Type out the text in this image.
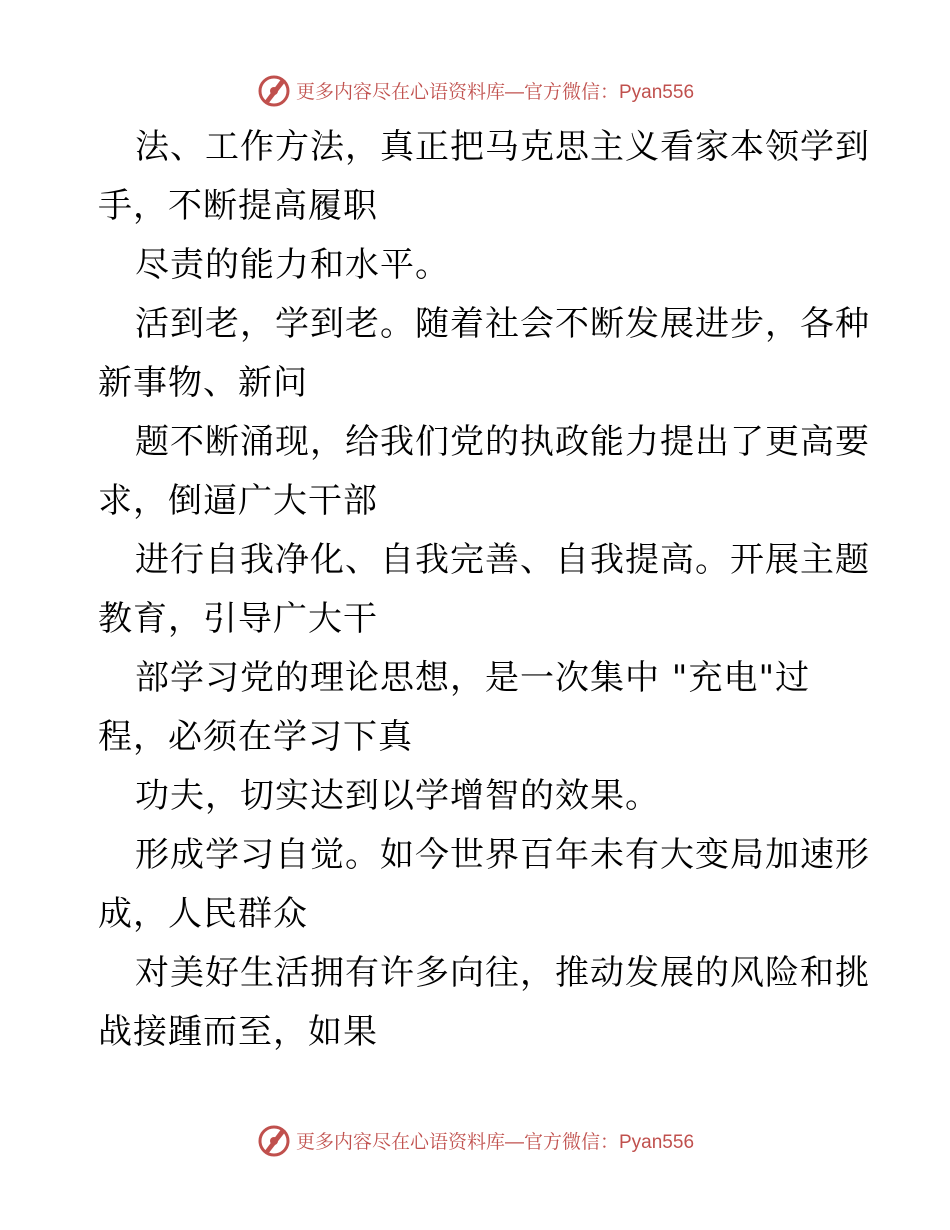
更多内容尽在心语资料库 —官方微信：Pyan556
法、工作方法，真正把马克思主义看家本领学到
手，不断提高履职
尽责的能力和水平。
活到老，学到老。随着社会不断发展进步，各种
新事物、新问
题不断涌现，给我们党的执政能力提出了更高要
求，倒逼广大干部
进行自我净化、自我完善、自我提高。开展主题
教育，引导广大干
部学习党的理论思想，是一次集中 "充电"过
程，必须在学习下真
功夫，切实达到以学增智的效果。
形成学习自觉。如今世界百年未有大变局加速形
成，人民群众
对美好生活拥有许多向往，推动发展的风险和挑
战接踵而至，如果
更多内容尽在心语资料库 —官方微信：Pyan556
